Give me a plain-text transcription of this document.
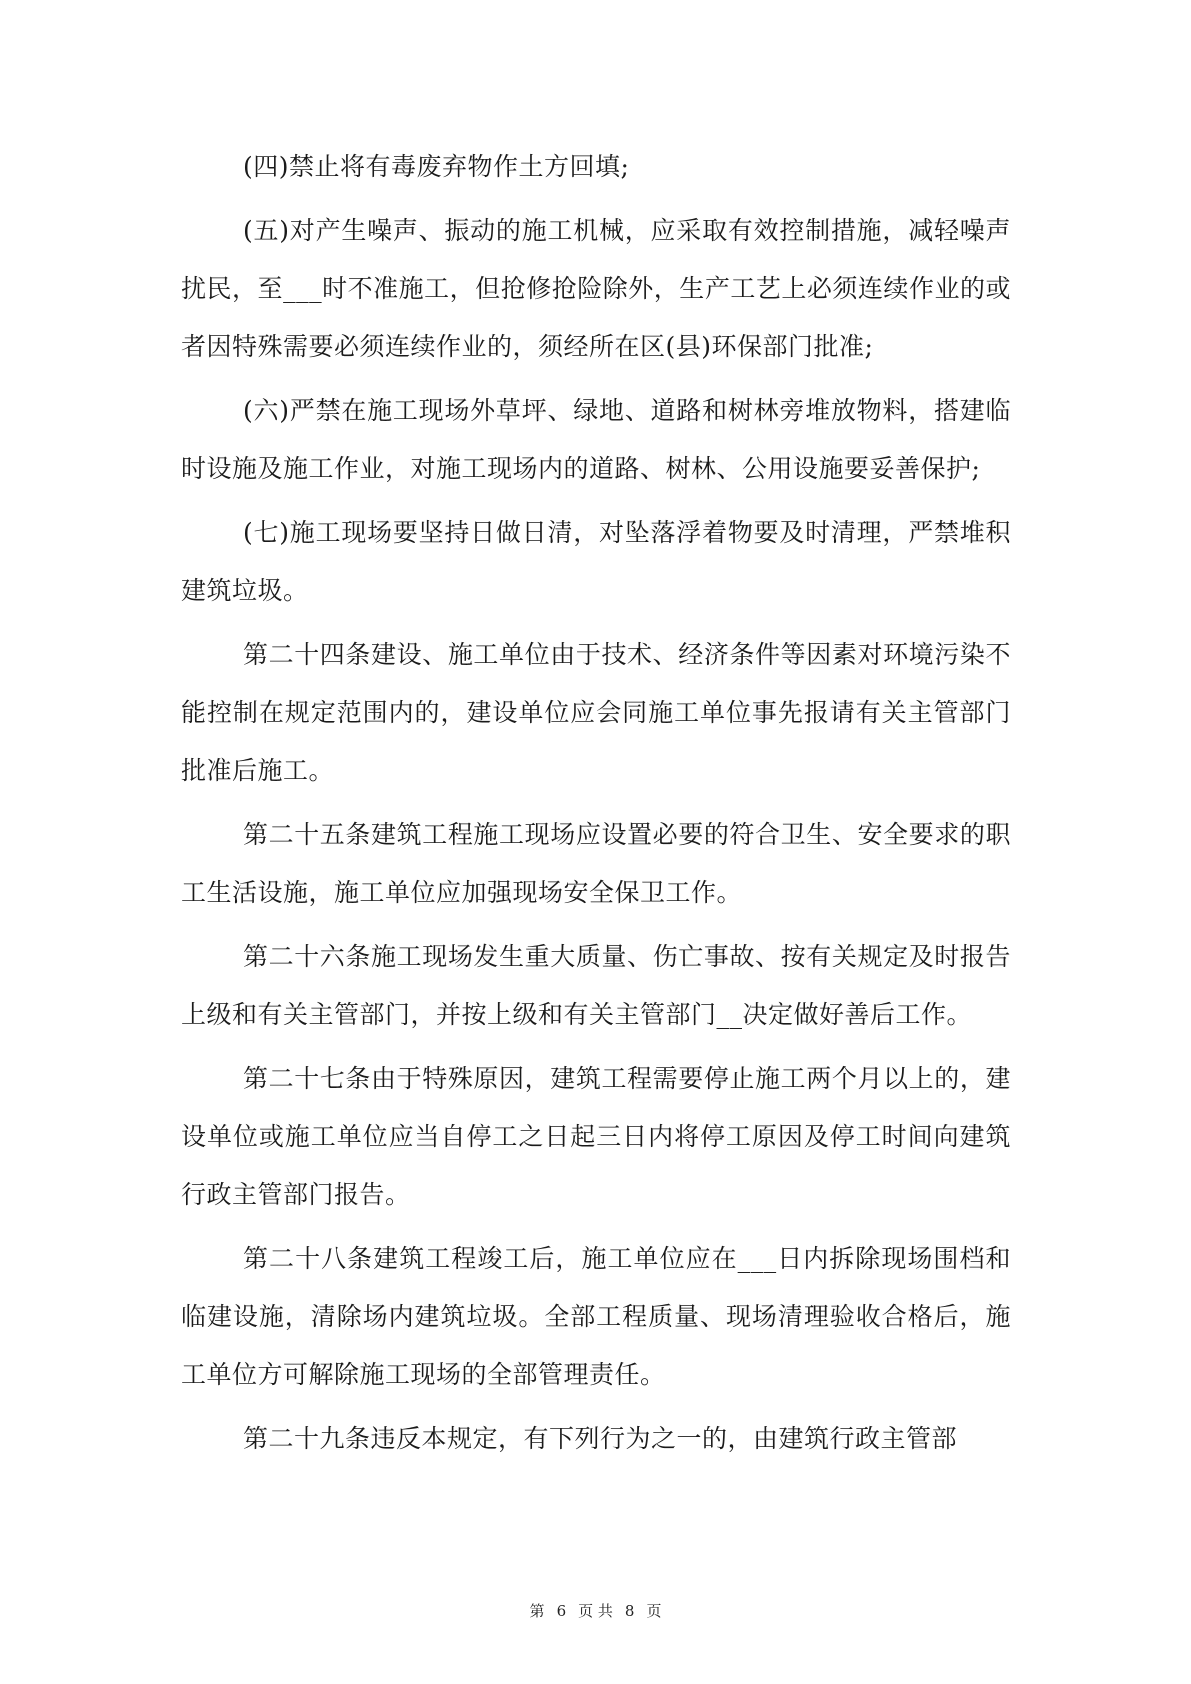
(四)禁止将有毒废弃物作土方回填;

(五)对产生噪声、振动的施工机械，应采取有效控制措施，减轻噪声扰民，至___时不准施工，但抢修抢险除外，生产工艺上必须连续作业的或者因特殊需要必须连续作业的，须经所在区(县)环保部门批准;

(六)严禁在施工现场外草坪、绿地、道路和树林旁堆放物料，搭建临时设施及施工作业，对施工现场内的道路、树林、公用设施要妥善保护;

(七)施工现场要坚持日做日清，对坠落浮着物要及时清理，严禁堆积建筑垃圾。

第二十四条建设、施工单位由于技术、经济条件等因素对环境污染不能控制在规定范围内的，建设单位应会同施工单位事先报请有关主管部门批准后施工。

第二十五条建筑工程施工现场应设置必要的符合卫生、安全要求的职工生活设施，施工单位应加强现场安全保卫工作。

第二十六条施工现场发生重大质量、伤亡事故、按有关规定及时报告上级和有关主管部门，并按上级和有关主管部门__决定做好善后工作。

第二十七条由于特殊原因，建筑工程需要停止施工两个月以上的，建设单位或施工单位应当自停工之日起三日内将停工原因及停工时间向建筑行政主管部门报告。

第二十八条建筑工程竣工后，施工单位应在___日内拆除现场围档和临建设施，清除场内建筑垃圾。全部工程质量、现场清理验收合格后，施工单位方可解除施工现场的全部管理责任。

第二十九条违反本规定，有下列行为之一的，由建筑行政主管部

第 6 页 共 8 页
